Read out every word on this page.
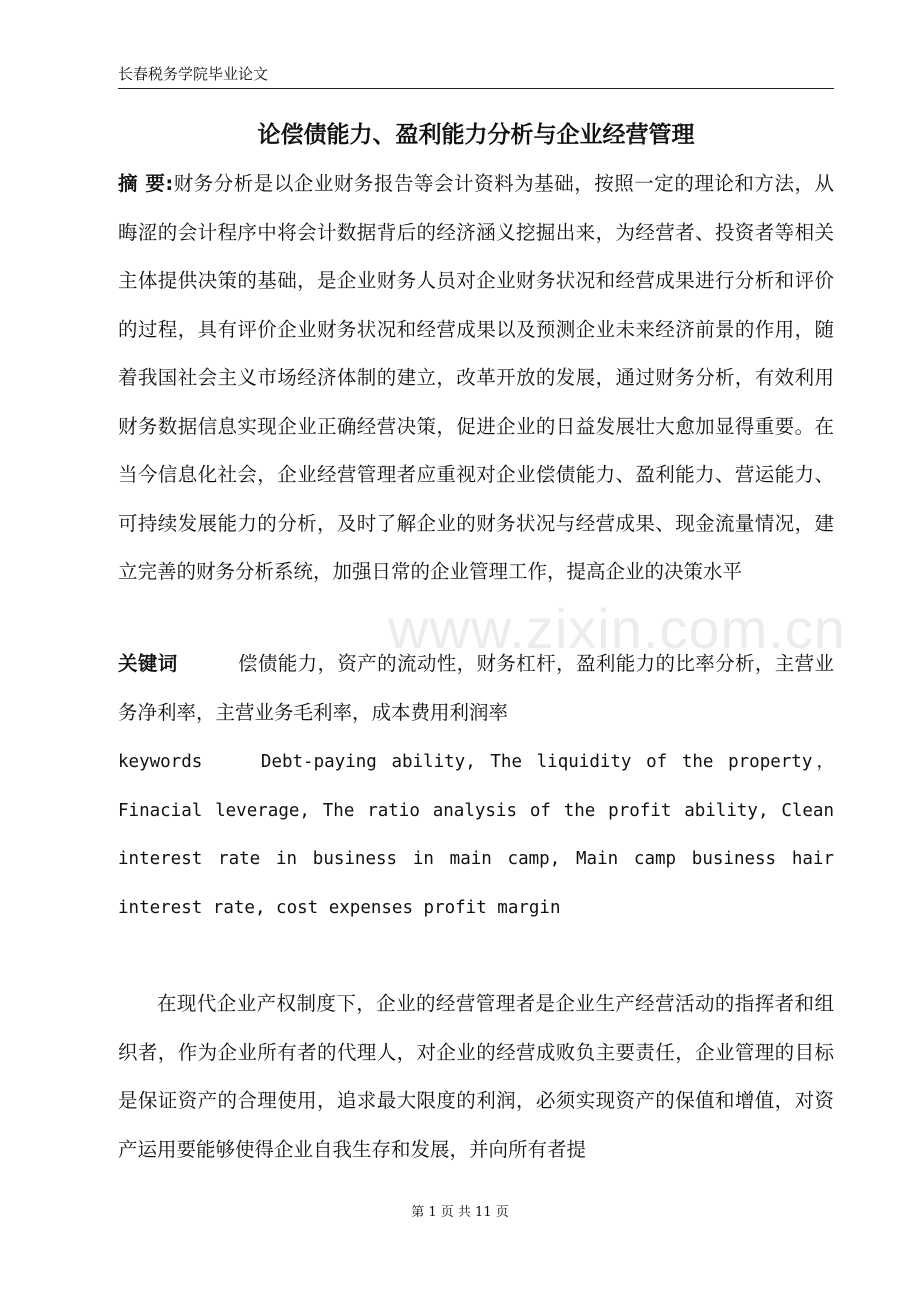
长春税务学院毕业论文
论偿债能力、盈利能力分析与企业经营管理
摘 要:财务分析是以企业财务报告等会计资料为基础，按照一定的理论和方法，从晦涩的会计程序中将会计数据背后的经济涵义挖掘出来，为经营者、投资者等相关主体提供决策的基础，是企业财务人员对企业财务状况和经营成果进行分析和评价的过程，具有评价企业财务状况和经营成果以及预测企业未来经济前景的作用，随着我国社会主义市场经济体制的建立，改革开放的发展，通过财务分析，有效利用财务数据信息实现企业正确经营决策，促进企业的日益发展壮大愈加显得重要。在当今信息化社会，企业经营管理者应重视对企业偿债能力、盈利能力、营运能力、可持续发展能力的分析，及时了解企业的财务状况与经营成果、现金流量情况，建立完善的财务分析系统，加强日常的企业管理工作，提高企业的决策水平
关键词	偿债能力，资产的流动性，财务杠杆，盈利能力的比率分析，主营业务净利率，主营业务毛利率，成本费用利润率
keywords	Debt-paying ability, The liquidity of the property，Finacial leverage, The ratio analysis of the profit ability, Clean interest rate in business in main camp, Main camp business hair interest rate, cost expenses profit margin
在现代企业产权制度下，企业的经营管理者是企业生产经营活动的指挥者和组织者，作为企业所有者的代理人，对企业的经营成败负主要责任，企业管理的目标是保证资产的合理使用，追求最大限度的利润，必须实现资产的保值和增值，对资产运用要能够使得企业自我生存和发展，并向所有者提
www.zixin.com.cn
第 1 页 共 11 页
